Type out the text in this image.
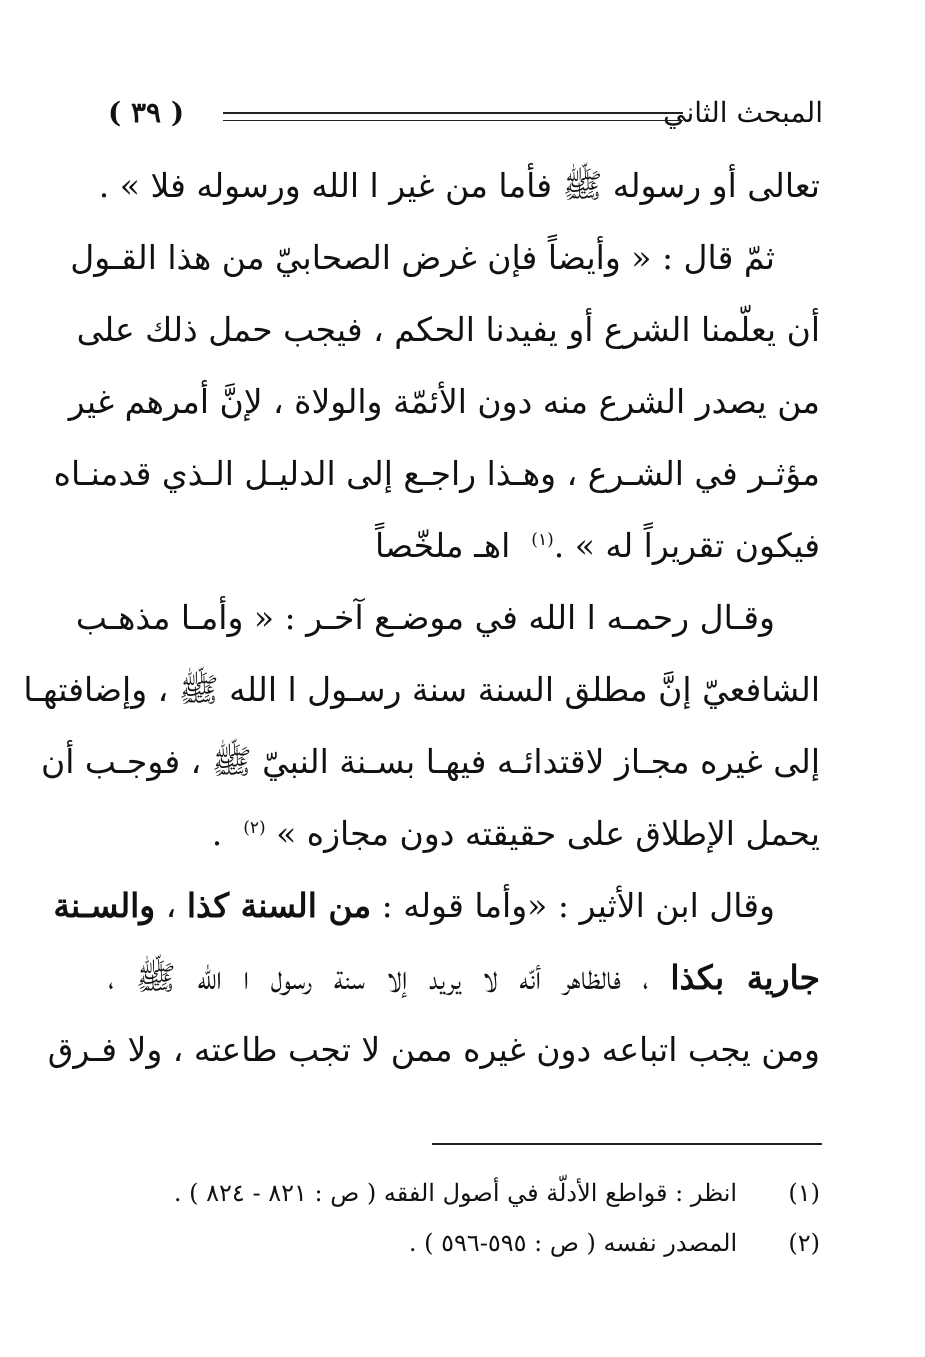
المبحث الثاني
( ٣٩ )
تعالى أو رسوله ﷺ فأما من غير ا الله ورسوله فلا » .
ثمّ قال : « وأيضاً فإن غرض الصحابيّ من هذا القـول
أن يعلّمنا الشرع أو يفيدنا الحكم ، فيجب حمل ذلك على
من يصدر الشرع منه دون الأئمّة والولاة ، لإنَّ أمرهم غير
مؤثـر في الشـرع ، وهـذا راجـع إلى الدليـل الـذي قدمنـاه
فيكون تقريراً له » .$^{(١)}$  اهـ ملخّصاً
وقـال رحمـه ا الله في موضـع آخـر : « وأمـا مذهـب
الشافعيّ إنَّ مطلق السنة سنة رسـول ا الله ﷺ ، وإضافتهـا
إلى غيره مجـاز لاقتدائـه فيهـا بسـنة النبيّ ﷺ ، فوجـب أن
يحمل الإطلاق على حقيقته دون مجازه » $^{(٢)}$  .
وقال ابن الأثير : «وأما قوله : من السنة كذا ، والسـنة
جارية بكذا ، فالظاهر أنّه لا يريد إلا سنة رسول ا الله ﷺ ،
ومن يجب اتباعه دون غيره ممن لا تجب طاعته ، ولا فـرق
(١)   انظر : قواطع الأدلّة في أصول الفقه ( ص : ٨٢١ - ٨٢٤ ) .
(٢)   المصدر نفسه ( ص : ٥٩٥-٥٩٦ ) .
